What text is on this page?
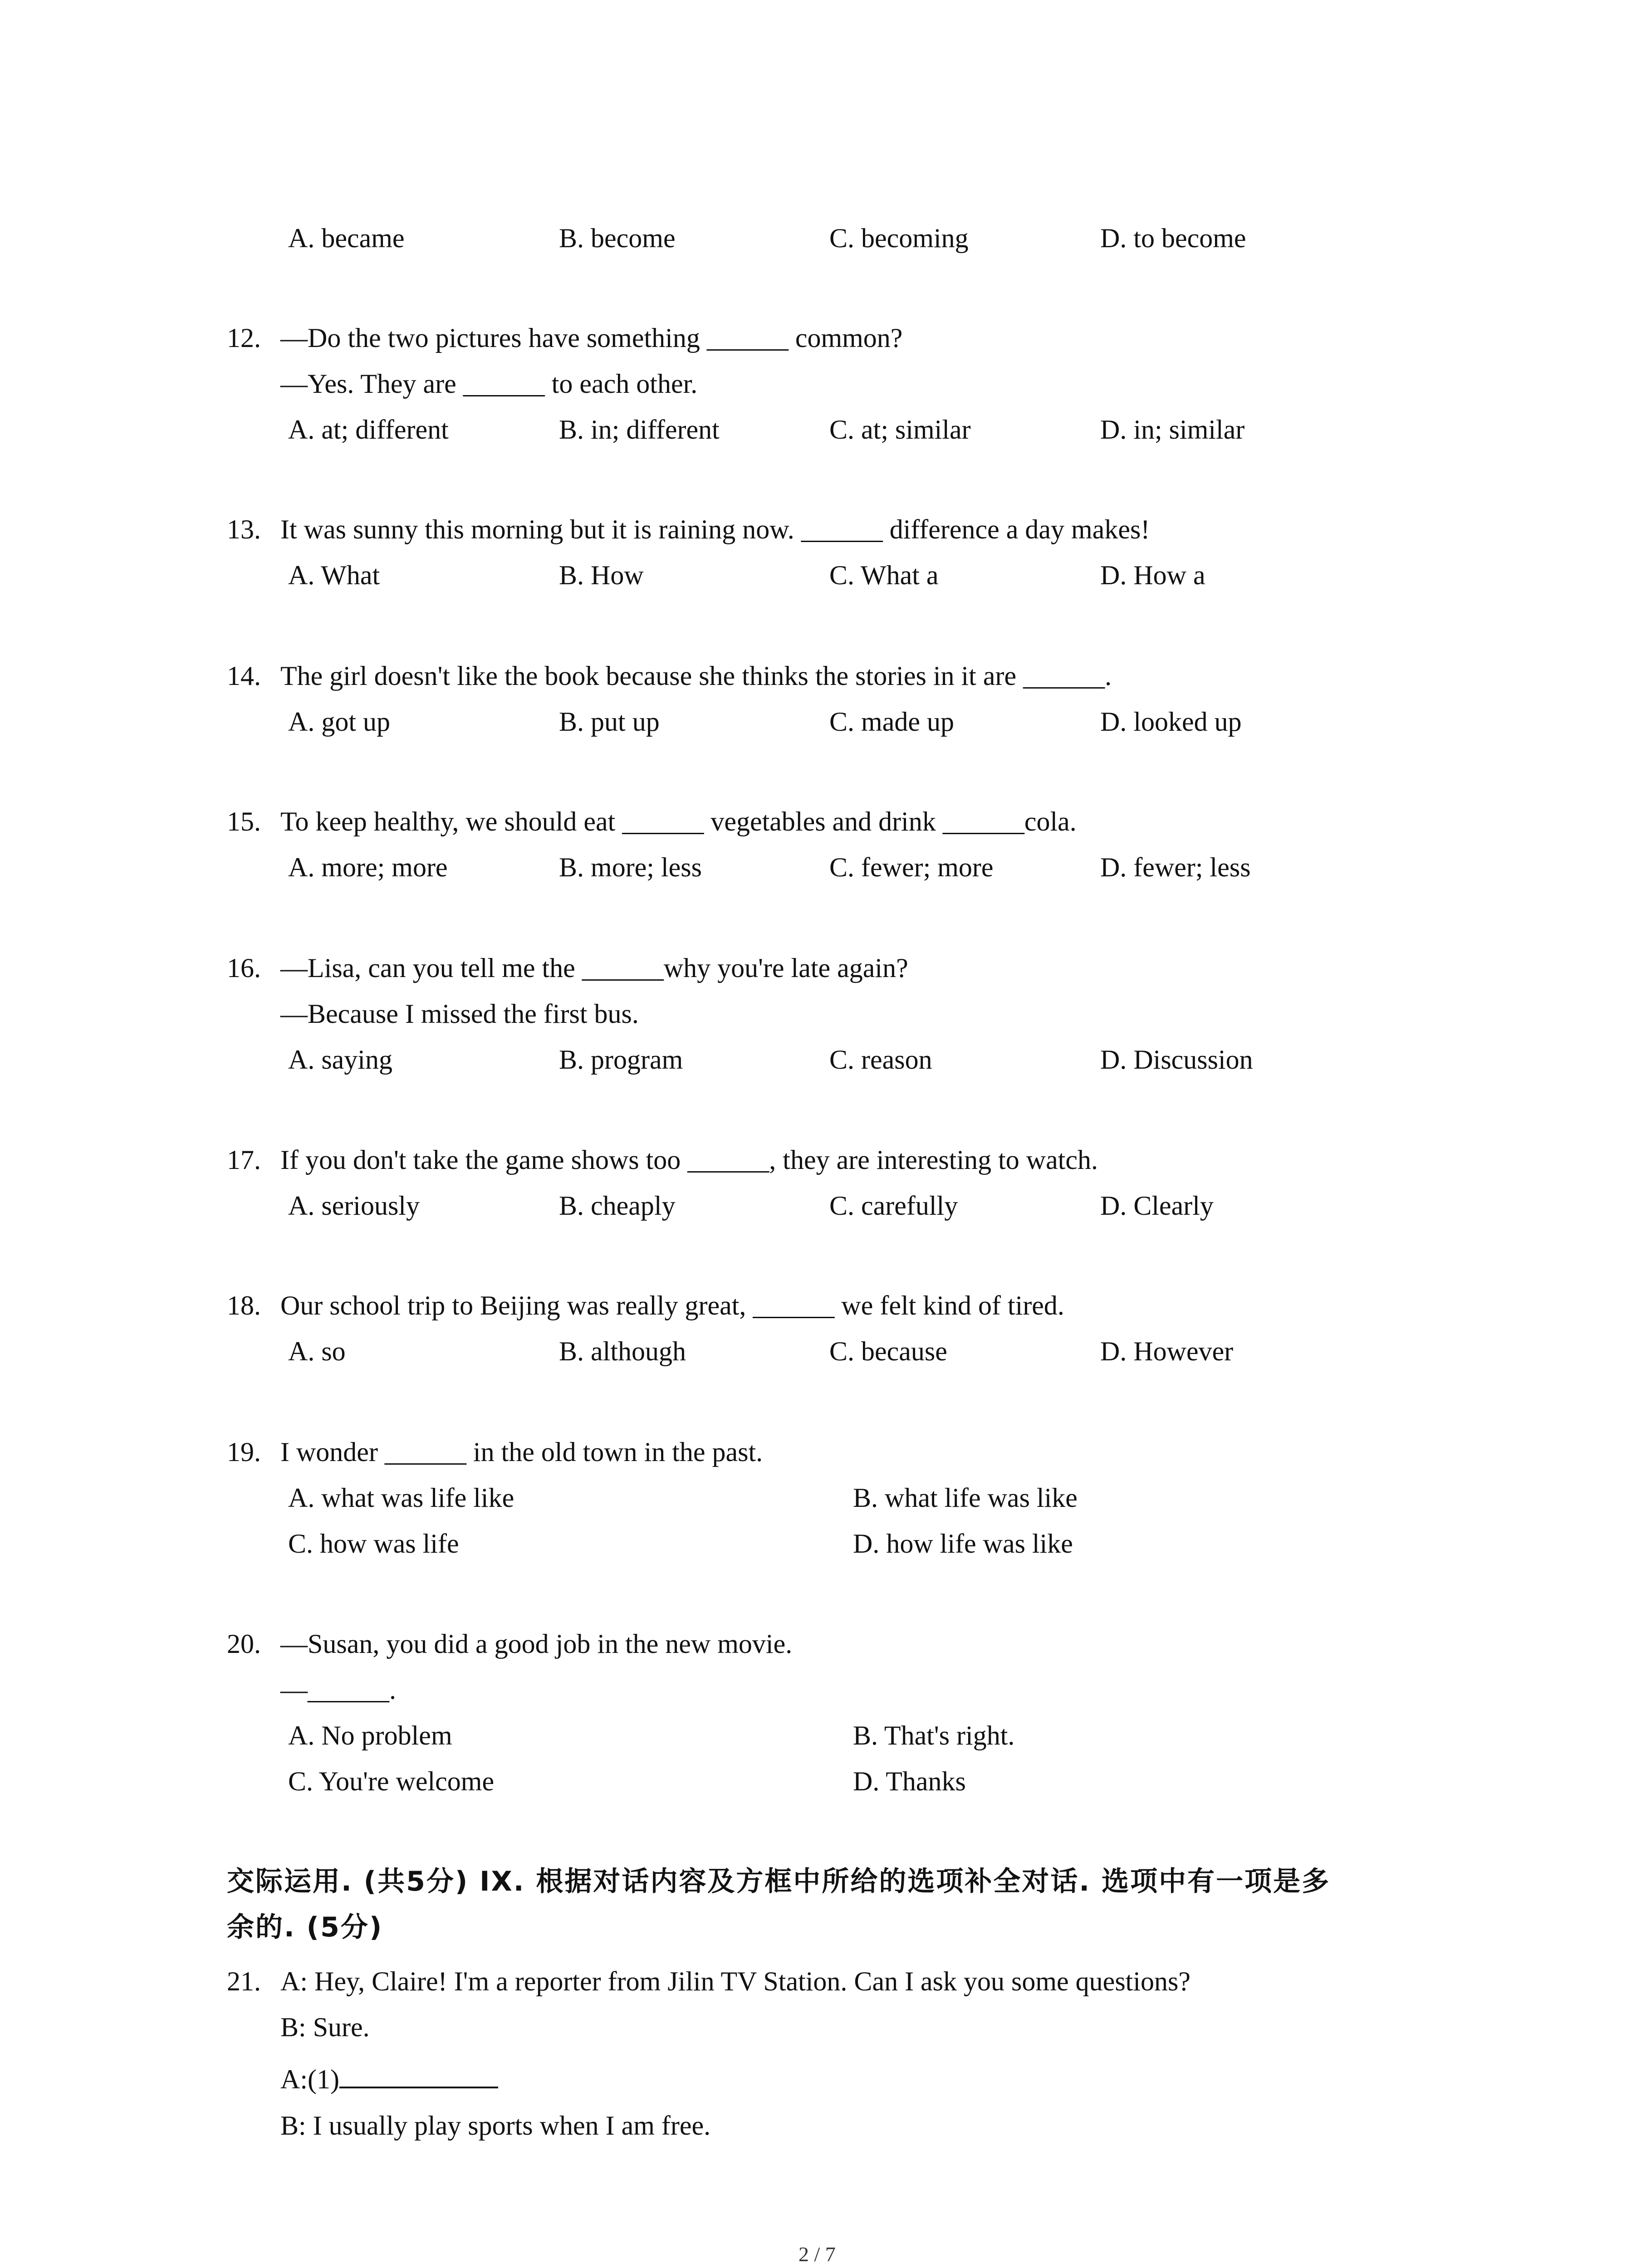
A. became	B. become	C. becoming	D. to become
12. —Do the two pictures have something ______ common?
—Yes. They are ______ to each other.
A. at; different	B. in; different	C. at; similar	D. in; similar
13. It was sunny this morning but it is raining now. ______ difference a day makes!
A. What	B. How	C. What a	D. How a
14. The girl doesn't like the book because she thinks the stories in it are ______.
A. got up	B. put up	C. made up	D. looked up
15. To keep healthy, we should eat ______ vegetables and drink ______cola.
A. more; more	B. more; less	C. fewer; more	D. fewer; less
16. —Lisa, can you tell me the ______why you're late again?
—Because I missed the first bus.
A. saying	B. program	C. reason	D. Discussion
17. If you don't take the game shows too ______, they are interesting to watch.
A. seriously	B. cheaply	C. carefully	D. Clearly
18. Our school trip to Beijing was really great, ______ we felt kind of tired.
A. so	B. although	C. because	D. However
19. I wonder ______ in the old town in the past.
A. what was life like	B. what life was like
C. how was life	D. how life was like
20. —Susan, you did a good job in the new movie.
—______.
A. No problem	B. That's right.
C. You're welcome	D. Thanks
交际运用. (共5分) IX. 根据对话内容及方框中所给的选项补全对话. 选项中有一项是多
余的. (5分)
21. A: Hey, Claire! I'm a reporter from Jilin TV Station. Can I ask you some questions?
B: Sure.
A:(1)
B: I usually play sports when I am free.
2 / 7
